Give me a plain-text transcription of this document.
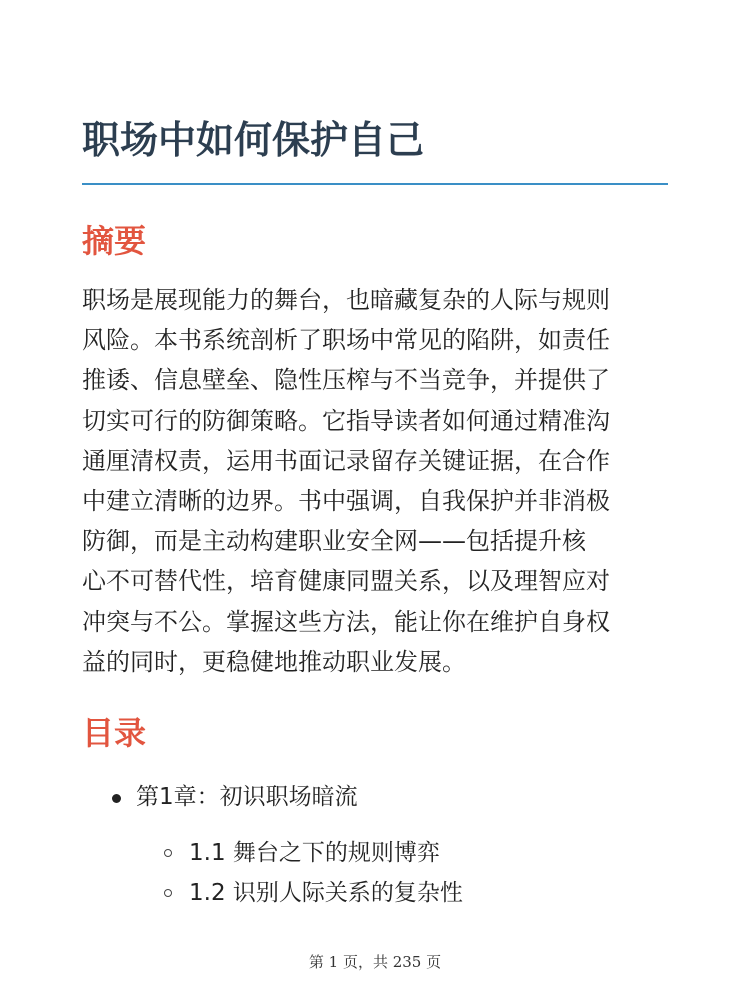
职场中如何保护自己
摘要

职场是展现能力的舞台，也暗藏复杂的人际与规则
风险。本书系统剖析了职场中常见的陷阱，如责任
推诿、信息壁垒、隐性压榨与不当竞争，并提供了
切实可行的防御策略。它指导读者如何通过精准沟
通厘清权责，运用书面记录留存关键证据，在合作
中建立清晰的边界。书中强调，自我保护并非消极
防御，而是主动构建职业安全网——包括提升核
心不可替代性，培育健康同盟关系，以及理智应对
冲突与不公。掌握这些方法，能让你在维护自身权
益的同时，更稳健地推动职业发展。

目录
第1章：初识职场暗流
1.1 舞台之下的规则博弈
1.2 识别人际关系的复杂性
第 1 页，共 235 页
